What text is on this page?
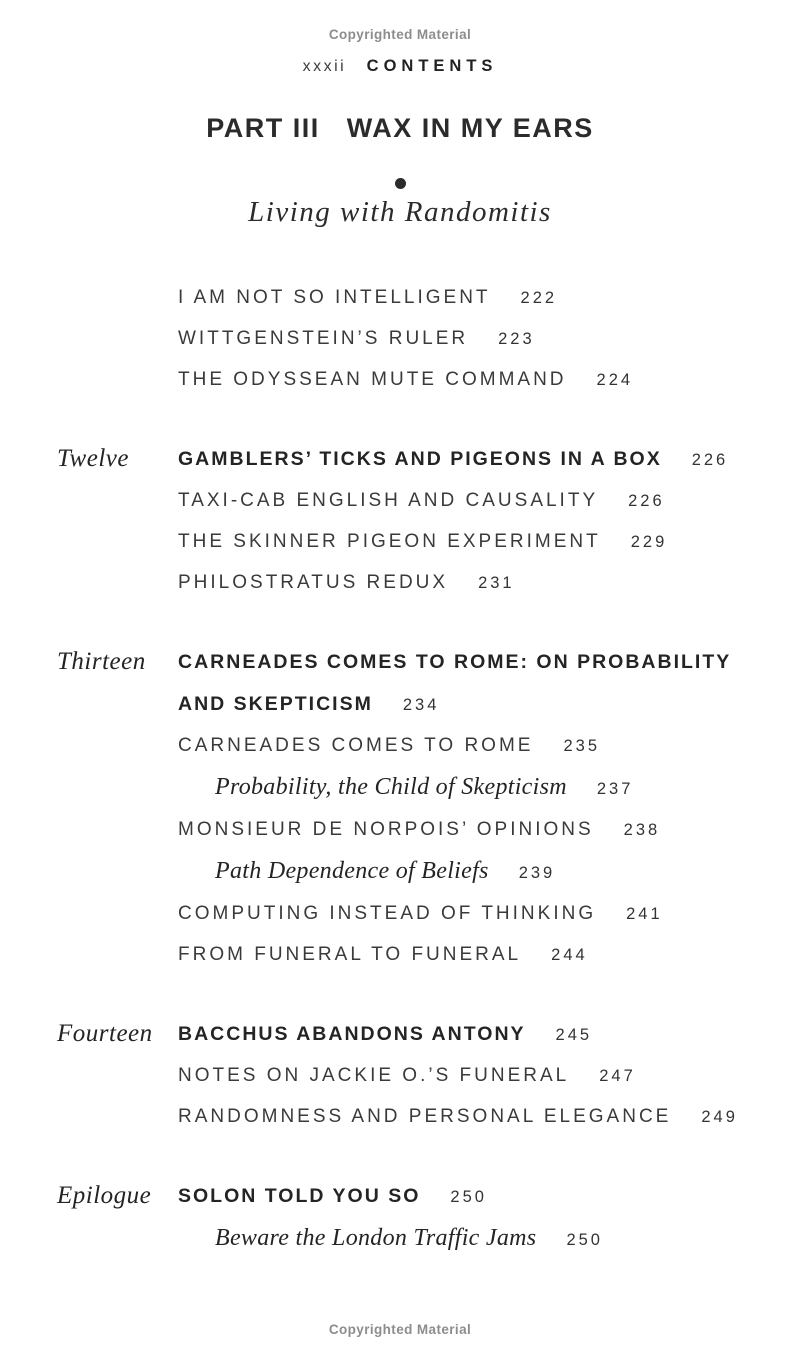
Copyrighted Material
xxxii CONTENTS
PART III WAX IN MY EARS
Living with Randomitis
I AM NOT SO INTELLIGENT 222
WITTGENSTEIN’S RULER 223
THE ODYSSEAN MUTE COMMAND 224
Twelve	GAMBLERS’ TICKS AND PIGEONS IN A BOX 226
TAXI-CAB ENGLISH AND CAUSALITY 226
THE SKINNER PIGEON EXPERIMENT 229
PHILOSTRATUS REDUX 231
Thirteen CARNEADES COMES TO ROME: ON PROBABILITY AND SKEPTICISM 234
CARNEADES COMES TO ROME 235
Probability, the Child of Skepticism 237
MONSIEUR DE NORPOIS’ OPINIONS 238
Path Dependence of Beliefs 239
COMPUTING INSTEAD OF THINKING 241
FROM FUNERAL TO FUNERAL 244
Fourteen BACCHUS ABANDONS ANTONY 245
NOTES ON JACKIE O.’S FUNERAL 247
RANDOMNESS AND PERSONAL ELEGANCE 249
Epilogue SOLON TOLD YOU SO 250
Beware the London Traffic Jams 250
Copyrighted Material
